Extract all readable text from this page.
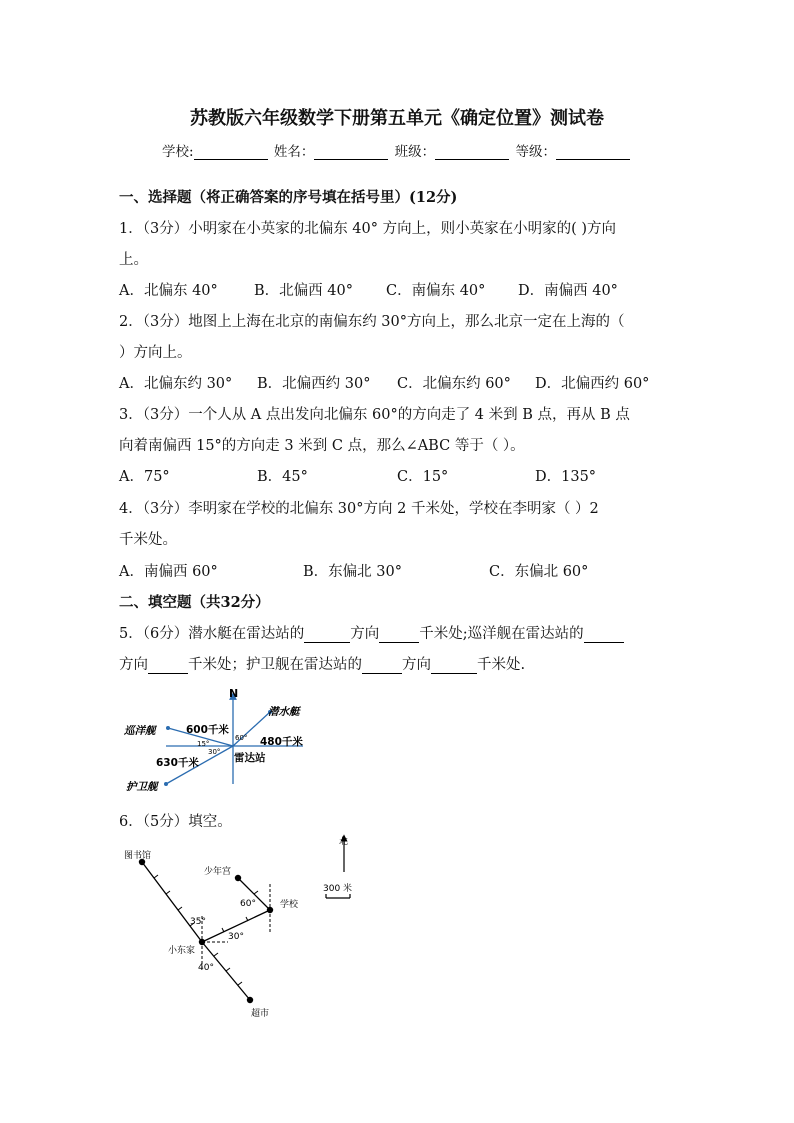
苏教版六年级数学下册第五单元《确定位置》测试卷
学校:	姓名：	班级：	等级：
一、选择题（将正确答案的序号填在括号里）(12分)
1．（3分）小明家在小英家的北偏东 40° 方向上，则小英家在小明家的( )方向
上。
A．北偏东 40° B．北偏西 40° C．南偏东 40° D．南偏西 40°
2．（3分）地图上上海在北京的南偏东约 30°方向上，那么北京一定在上海的（
）方向上。
A．北偏东约 30° B．北偏西约 30° C．北偏东约 60° D．北偏西约 60°
3．（3分）一个人从 A 点出发向北偏东 60°的方向走了 4 米到 B 点，再从 B 点
向着南偏西 15°的方向走 3 米到 C 点，那么∠ABC 等于（ ）。
A．75°	B．45°	C．15°	D．135°
4．（3分）李明家在学校的北偏东 30°方向 2 千米处，学校在李明家（ ）2
千米处。
A．南偏西 60°	B．东偏北 30°	C．东偏北 60°
二、填空题（共32分）
5．（6分）潜水艇在雷达站的	方向	千米处;巡洋舰在雷达站的
方向	千米处；护卫舰在雷达站的	方向	千米处.
N
潜水艇
巡洋舰
护卫舰
雷达站
600千米
480千米
630千米
60°
15°
30°
6．（5分）填空。
图书馆
少年宫
学校
小东家
超市
北
300 米
35°
30°
40°
60°
